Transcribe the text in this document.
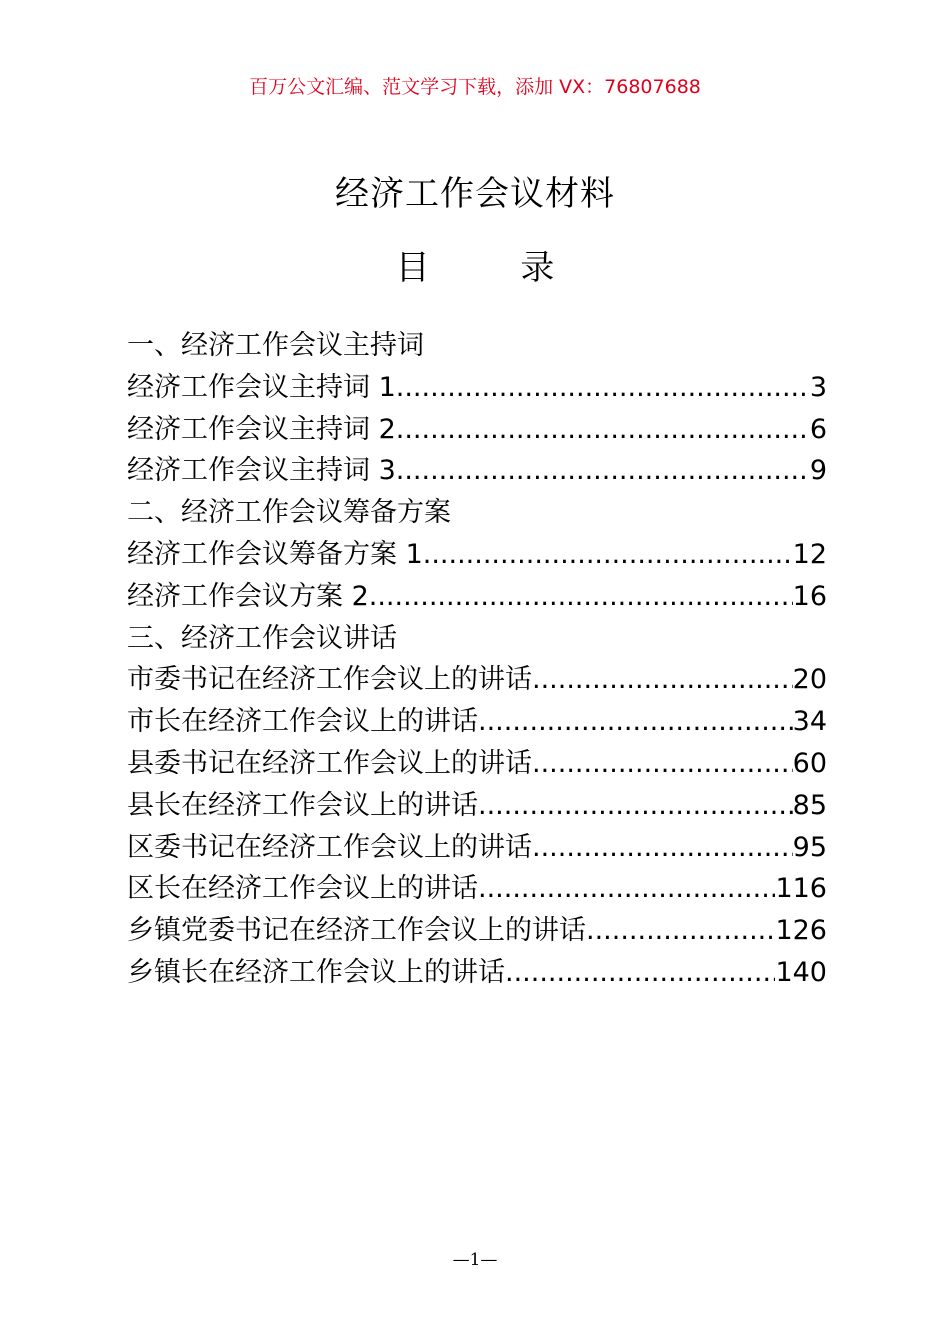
百万公文汇编、范文学习下载，添加 VX：76807688
经济工作会议材料
目 录
一、经济工作会议主持词
经济工作会议主持词 1 .....	3
经济工作会议主持词 2 .....	6
经济工作会议主持词 3 .....	9
二、经济工作会议筹备方案
经济工作会议筹备方案 1 .....	12
经济工作会议方案 2 .....	16
三、经济工作会议讲话
市委书记在经济工作会议上的讲话 .....	20
市长在经济工作会议上的讲话 .....	34
县委书记在经济工作会议上的讲话 .....	60
县长在经济工作会议上的讲话 .....	85
区委书记在经济工作会议上的讲话 .....	95
区长在经济工作会议上的讲话 .....	116
乡镇党委书记在经济工作会议上的讲话 .....	126
乡镇长在经济工作会议上的讲话 .....	140
—1—
